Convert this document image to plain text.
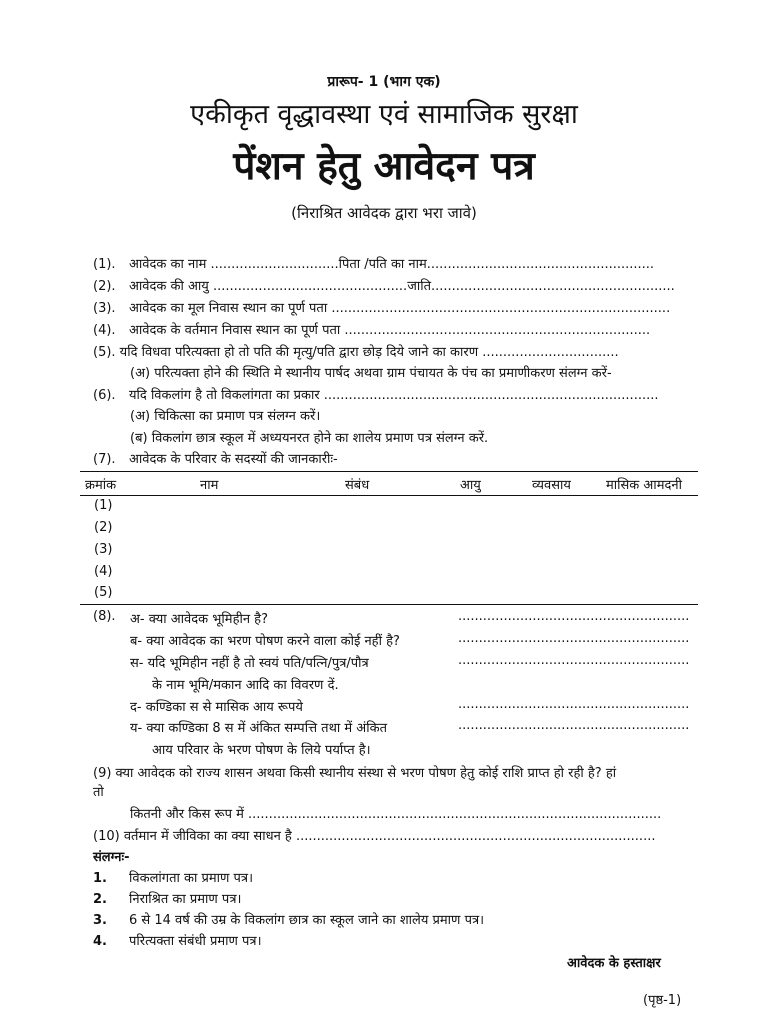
प्रारूप- 1 (भाग एक)
एकीकृत वृद्धावस्था एवं सामाजिक सुरक्षा
पेंशन हेतु आवेदन पत्र
(निराश्रित आवेदक द्वारा भरा जावे)
(1). आवेदक का नाम ...............................पिता /पति का नाम.......................................................
(2). आवेदक की आयु ...............................................जाति...........................................................
(3). आवेदक का मूल निवास स्थान का पूर्ण पता ..................................................................................
(4). आवेदक के वर्तमान निवास स्थान का पूर्ण पता ..........................................................................
(5). यदि विधवा परित्यक्ता हो तो पति की मृत्यु/पति द्वारा छोड़ दिये जाने का कारण .................................
(अ) परित्यक्ता होने की स्थिति मे स्थानीय पार्षद अथवा ग्राम पंचायत के पंच का प्रमाणीकरण संलग्न करें-
(6). यदि विकलांग है तो विकलांगता का प्रकार .................................................................................
(अ) चिकित्सा का प्रमाण पत्र संलग्न करें।
(ब) विकलांग छात्र स्कूल में अध्ययनरत होने का शालेय प्रमाण पत्र संलग्न करें.
(7). आवेदक के परिवार के सदस्यों की जानकारीः-
क्रमांक	नाम	संबंध	आयु	व्यवसाय	मासिक आमदनी
(1)
(2)
(3)
(4)
(5)
(8). अ- क्या आवेदक भूमिहीन है?	........................................................
ब- क्या आवेदक का भरण पोषण करने वाला कोई नहीं है?	........................................................
स- यदि भूमिहीन नहीं है तो स्वयं पति/पत्नि/पुत्र/पौत्र	........................................................
के नाम भूमि/मकान आदि का विवरण दें.
द- कण्डिका स से मासिक आय रूपये	........................................................
य- क्या कण्डिका 8 स में अंकित सम्पत्ति तथा में अंकित	........................................................
आय परिवार के भरण पोषण के लिये पर्याप्त है।
(9) क्या आवेदक को राज्य शासन अथवा किसी स्थानीय संस्था से भरण पोषण हेतु कोई राशि प्राप्त हो रही है? हां
तो
कितनी और किस रूप में ....................................................................................................
(10) वर्तमान में जीविका का क्या साधन है .......................................................................................
संलग्नः-
1. विकलांगता का प्रमाण पत्र।
2. निराश्रित का प्रमाण पत्र।
3. 6 से 14 वर्ष की उम्र के विकलांग छात्र का स्कूल जाने का शालेय प्रमाण पत्र।
4. परित्यक्ता संबंधी प्रमाण पत्र।
आवेदक के हस्ताक्षर
(पृष्ठ-1)
